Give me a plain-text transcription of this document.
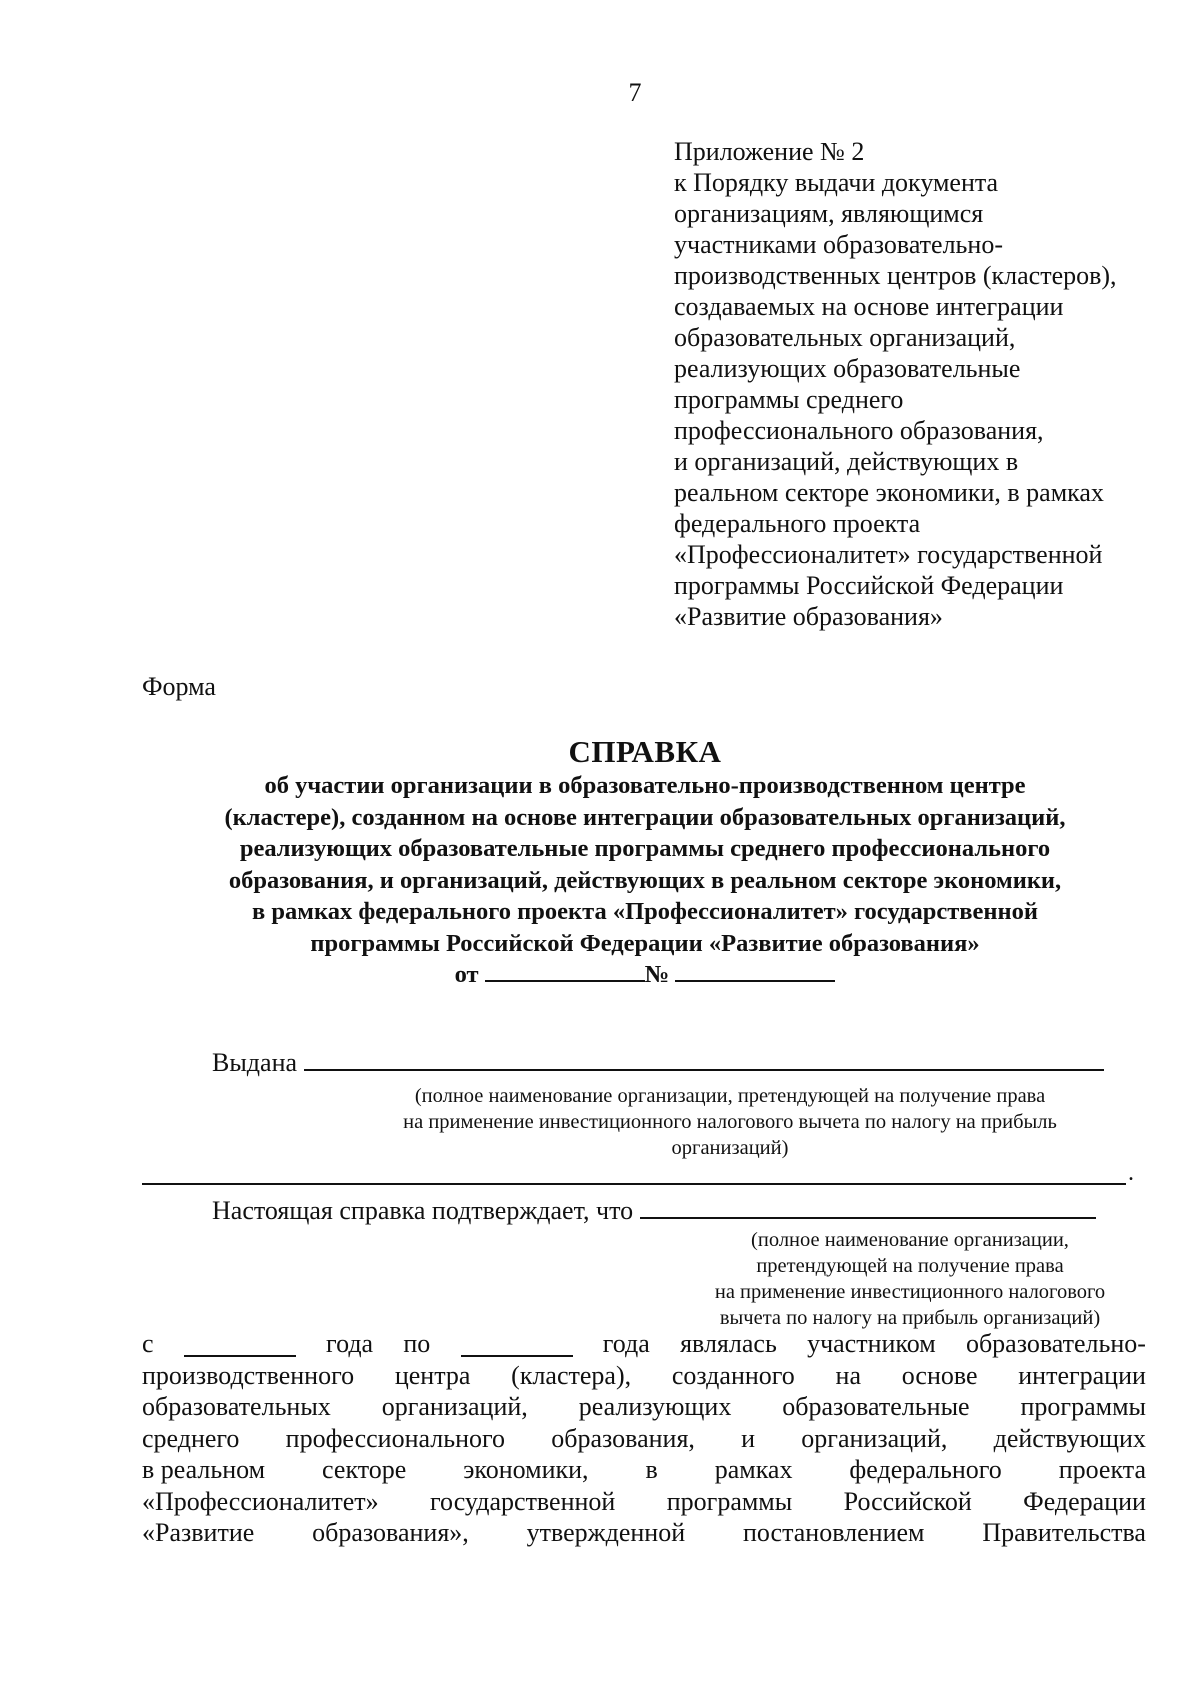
7
Приложение № 2
к Порядку выдачи документа
организациям, являющимся
участниками образовательно-
производственных центров (кластеров),
создаваемых на основе интеграции
образовательных организаций,
реализующих образовательные
программы среднего
профессионального образования,
и организаций, действующих в
реальном секторе экономики, в рамках
федерального проекта
«Профессионалитет» государственной
программы Российской Федерации
«Развитие образования»
Форма
СПРАВКА
об участии организации в образовательно-производственном центре
(кластере), созданном на основе интеграции образовательных организаций,
реализующих образовательные программы среднего профессионального
образования, и организаций, действующих в реальном секторе экономики,
в рамках федерального проекта «Профессионалитет» государственной
программы Российской Федерации «Развитие образования»
от	№
Выдана
(полное наименование организации, претендующей на получение права
на применение инвестиционного налогового вычета по налогу на прибыль
организаций)
.
Настоящая справка подтверждает, что
(полное наименование организации,
претендующей на получение права
на применение инвестиционного налогового
вычета по налогу на прибыль организаций)
с	года по	года являлась участником образовательно-
производственного центра (кластера), созданного на основе интеграции
образовательных организаций, реализующих образовательные программы
среднего профессионального образования, и организаций, действующих
в реальном секторе экономики, в рамках федерального проекта
«Профессионалитет» государственной программы Российской Федерации
«Развитие образования», утвержденной постановлением Правительства
